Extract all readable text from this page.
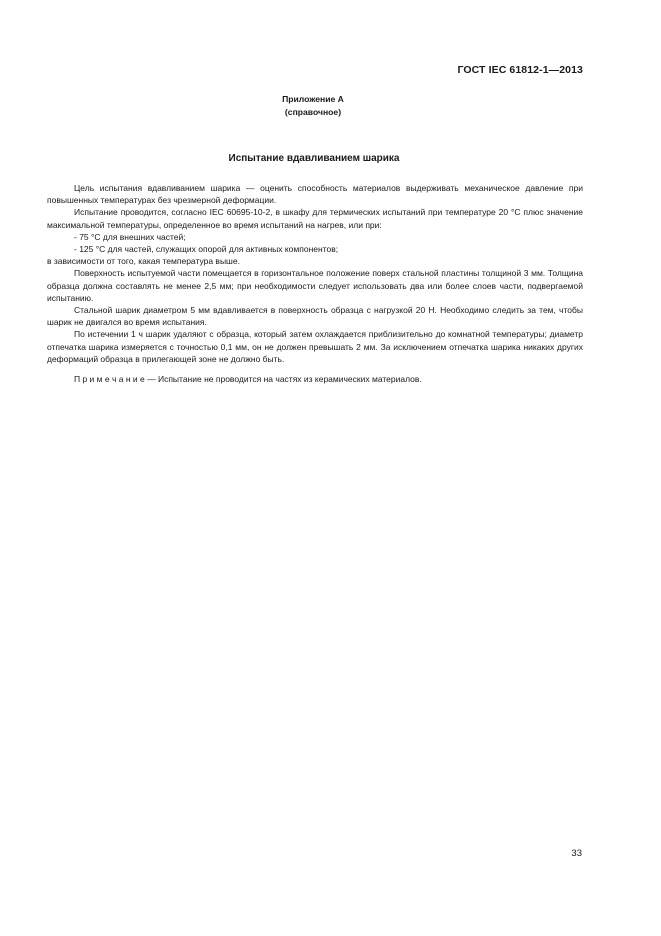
ГОСТ IEC 61812-1—2013
Приложение А
(справочное)
Испытание вдавливанием шарика

Цель испытания вдавливанием шарика — оценить способность материалов выдерживать механическое давление при повышенных температурах без чрезмерной деформации.

Испытание проводится, согласно IEC 60695-10-2, в шкафу для термических испытаний при температуре 20 °С плюс значение максимальной температуры, определенное во время испытаний на нагрев, или при:

- 75 °С для внешних частей;

- 125 °С для частей, служащих опорой для активных компонентов;

в зависимости от того, какая температура выше.

Поверхность испытуемой части помещается в горизонтальное положение поверх стальной пластины толщиной 3 мм. Толщина образца должна составлять не менее 2,5 мм; при необходимости следует использовать два или более слоев части, подвергаемой испытанию.

Стальной шарик диаметром 5 мм вдавливается в поверхность образца с нагрузкой 20 Н. Необходимо следить за тем, чтобы шарик не двигался во время испытания.

По истечении 1 ч шарик удаляют с образца, который затем охлаждается приблизительно до комнатной температуры; диаметр отпечатка шарика измеряется с точностью 0,1 мм, он не должен превышать 2 мм. За исключением отпечатка шарика никаких других деформаций образца в прилегающей зоне не должно быть.

П р и м е ч а н и е — Испытание не проводится на частях из керамических материалов.

33
